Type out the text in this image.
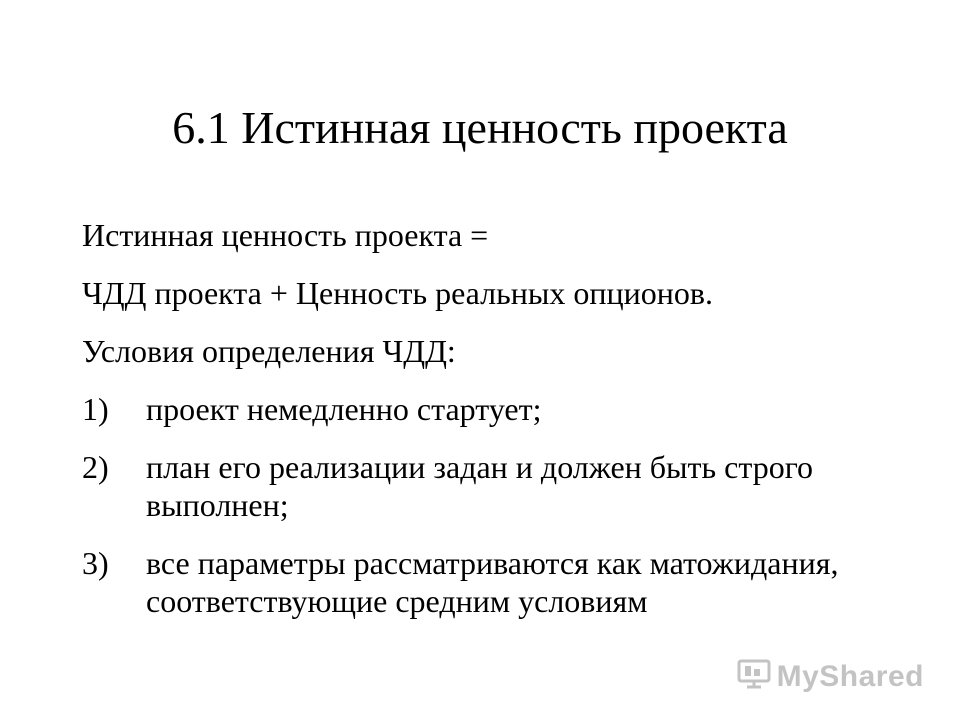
6.1 Истинная ценность проекта

Истинная ценность проекта =

ЧДД проекта + Ценность реальных опционов.

Условия определения ЧДД:

1)	проект немедленно стартует;
2)	план его реализации задан и должен быть строго выполнен;
3)	все параметры рассматриваются как матожидания, соответствующие средним условиям
MyShared
